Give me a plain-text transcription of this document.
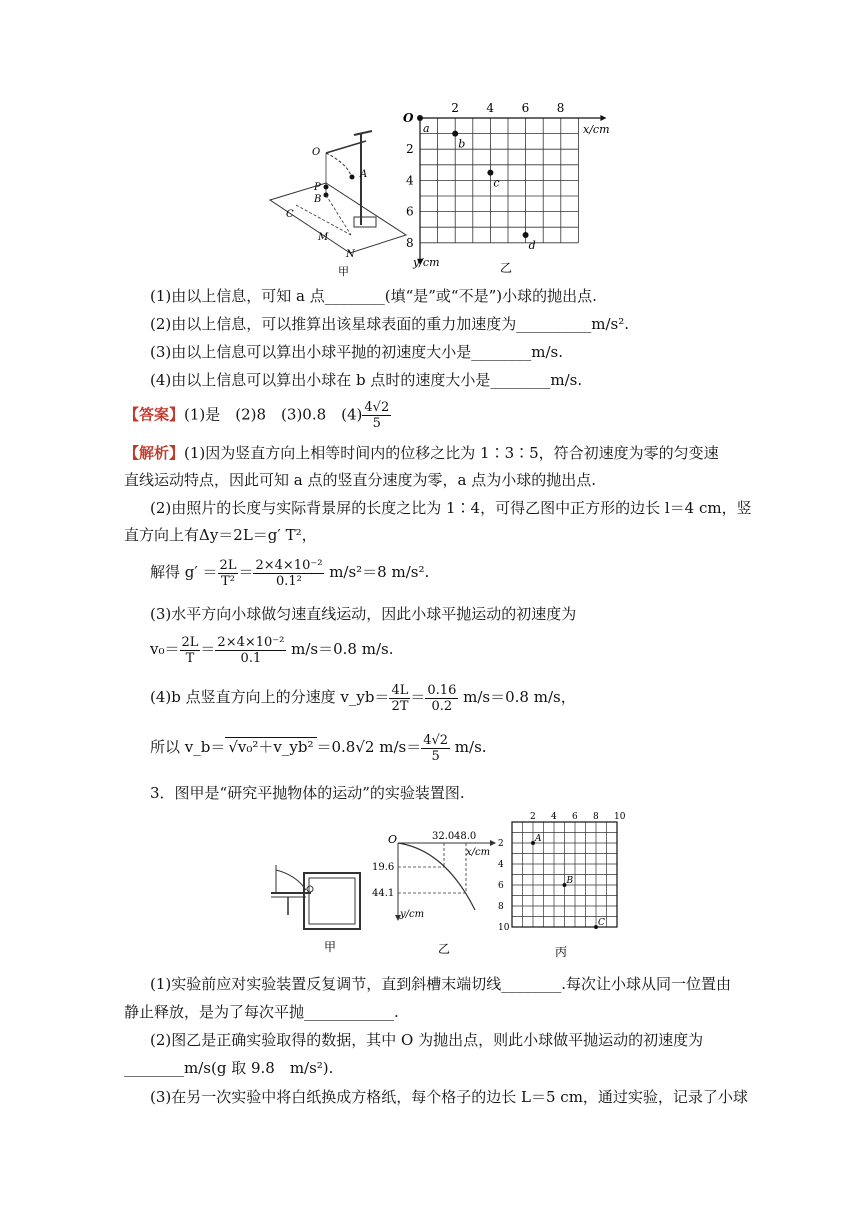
O
A
P
B
C
M
N
甲
O
x/cm
y/cm	乙
2 4 6 8
2
4
6
8
a
b
c
d
(1)由以上信息，可知 a 点________(填“是”或“不是”)小球的抛出点.
(2)由以上信息，可以推算出该星球表面的重力加速度为__________m/s².
(3)由以上信息可以算出小球平抛的初速度大小是________m/s.
(4)由以上信息可以算出小球在 b 点时的速度大小是________m/s.
【答案】(1)是　(2)8　(3)0.8　$(4) \frac{4√2}{5}$
【解析】(1)因为竖直方向上相等时间内的位移之比为 1∶3∶5，符合初速度为零的匀变速
直线运动特点，因此可知 a 点的竖直分速度为零，a 点为小球的抛出点.
(2)由照片的长度与实际背景屏的长度之比为 1∶4，可得乙图中正方形的边长 l＝4 cm，竖
直方向上有Δy＝2L＝g′ T²，
解得 $g' = \frac{2L}{\text{T²}} = \frac{\text{2×4×10⁻²}}{\text{0.1²}} m/s^2=8$ m/s².
(3)水平方向小球做匀速直线运动，因此小球平抛运动的初速度为
$v_0= \frac{2L}{T} = \frac{\text{2×4×10⁻²}}{0.1} m/s=0.8$ m/s.
(4)b 点竖直方向上的分速度 v_yb＝ $\frac{4L}{2T} = \frac{0.16}{0.2} m/s=0.8$ m/s，
所以 v_b＝ √v₀²＋v_yb² ＝0.8√2 $m/s= \frac{4√2}{5} m/s$.
3．图甲是“研究平抛物体的运动”的实验装置图.
甲
O	32.0 48.0
x/cm
19.6
44.1
y/cm
乙
2 4 6 8 10
2
4
6
8
10
A
B
C
丙
(1)实验前应对实验装置反复调节，直到斜槽末端切线________.每次让小球从同一位置由
静止释放，是为了每次平抛____________.
(2)图乙是正确实验取得的数据，其中 O 为抛出点，则此小球做平抛运动的初速度为
________m/s(g 取 9.8　m/s²).
(3)在另一次实验中将白纸换成方格纸，每个格子的边长 L＝5 cm，通过实验，记录了小球
